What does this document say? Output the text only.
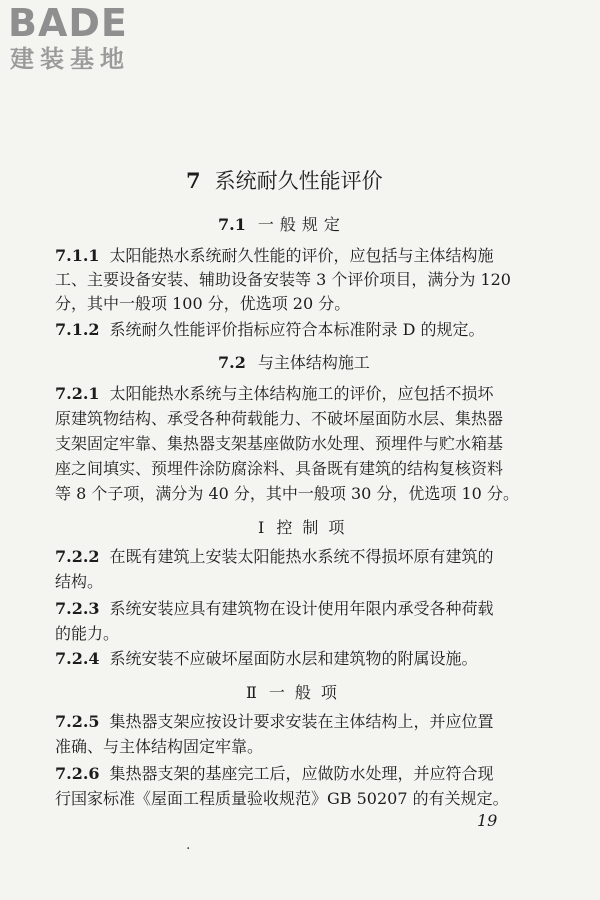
BADE
建装基地
7 系统耐久性能评价
7.1 一般规定
7.1.1 太阳能热水系统耐久性能的评价，应包括与主体结构施
工、主要设备安装、辅助设备安装等 3 个评价项目，满分为 120
分，其中一般项 100 分，优选项 20 分。
7.1.2 系统耐久性能评价指标应符合本标准附录 D 的规定。
7.2 与主体结构施工
7.2.1 太阳能热水系统与主体结构施工的评价，应包括不损坏
原建筑物结构、承受各种荷载能力、不破坏屋面防水层、集热器
支架固定牢靠、集热器支架基座做防水处理、预埋件与贮水箱基
座之间填实、预埋件涂防腐涂料、具备既有建筑的结构复核资料
等 8 个子项，满分为 40 分，其中一般项 30 分，优选项 10 分。
Ⅰ 控制项
7.2.2 在既有建筑上安装太阳能热水系统不得损坏原有建筑的
结构。
7.2.3 系统安装应具有建筑物在设计使用年限内承受各种荷载
的能力。
7.2.4 系统安装不应破坏屋面防水层和建筑物的附属设施。
Ⅱ 一般项
7.2.5 集热器支架应按设计要求安装在主体结构上，并应位置
准确、与主体结构固定牢靠。
7.2.6 集热器支架的基座完工后，应做防水处理，并应符合现
行国家标准《屋面工程质量验收规范》GB 50207 的有关规定。
19
·
